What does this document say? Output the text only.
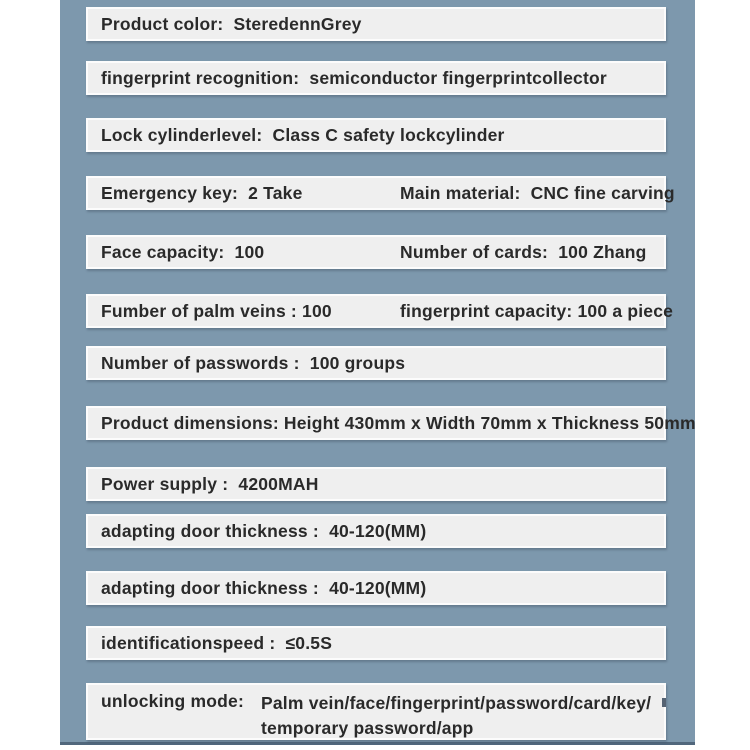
Product color:  SteredennGrey
fingerprint recognition:  semiconductor fingerprintcollector
Lock cylinderlevel:  Class C safety lockcylinder
Emergency key:  2 Take	Main material:  CNC fine carving
Face capacity:  100	Number of cards:  100 Zhang
Fumber of palm veins : 100	fingerprint capacity: 100 a piece
Number of passwords :  100 groups
Product dimensions: Height 430mm x Width 70mm x Thickness 50mm
Power supply :  4200MAH
adapting door thickness :  40-120(MM)
adapting door thickness :  40-120(MM)
identificationspeed :  ≤0.5S
unlocking mode: Palm vein/face/fingerprint/password/card/key/
temporary password/app
